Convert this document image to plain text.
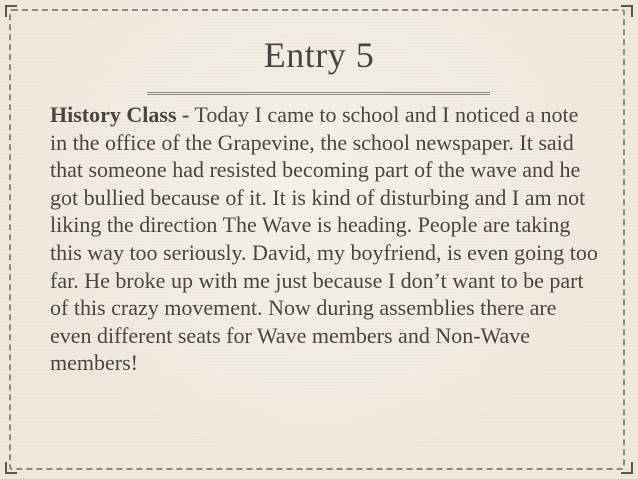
Entry 5
History Class - Today I came to school and I noticed a note in the office of the Grapevine, the school newspaper. It said that someone had resisted becoming part of the wave and he got bullied because of it. It is kind of disturbing and I am not liking the direction The Wave is heading. People are taking this way too seriously. David, my boyfriend, is even going too far. He broke up with me just because I don’t want to be part of this crazy movement. Now during assemblies there are even different seats for Wave members and Non-Wave members!
